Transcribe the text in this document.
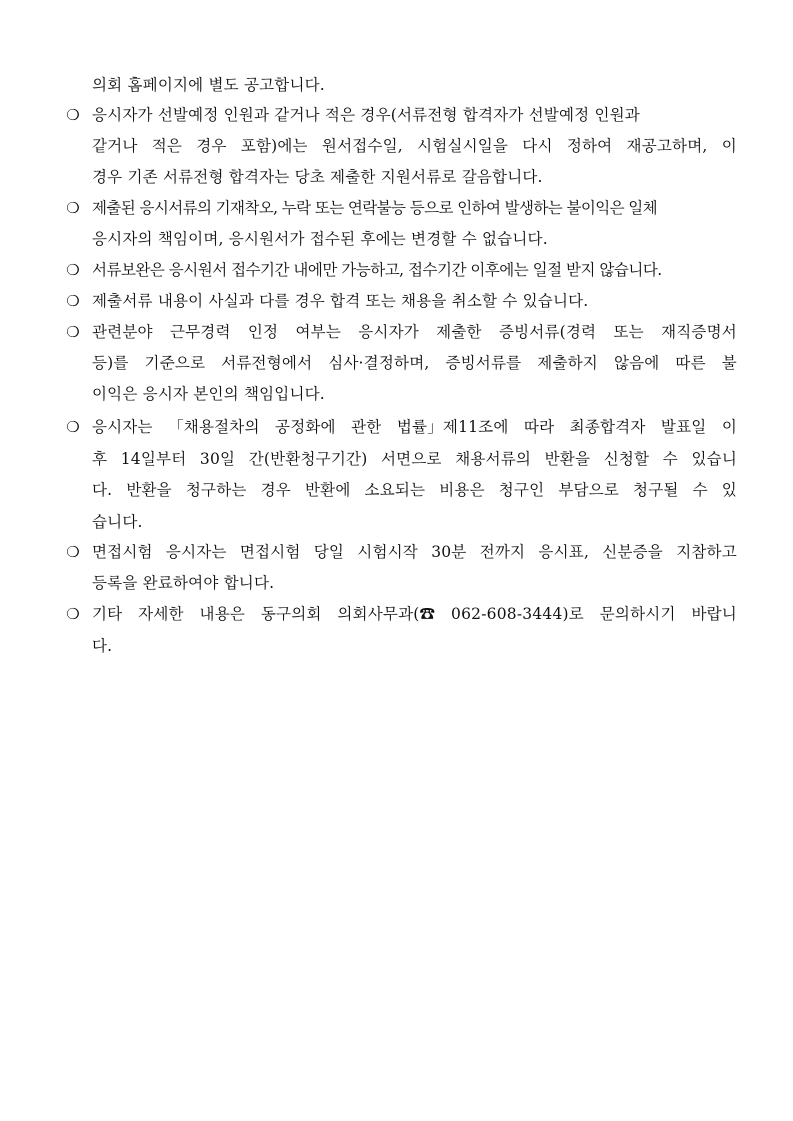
의회 홈페이지에 별도 공고합니다.
❍ 응시자가 선발예정 인원과 같거나 적은 경우(서류전형 합격자가 선발예정 인원과
같거나 적은 경우 포함)에는 원서접수일, 시험실시일을 다시 정하여 재공고하며, 이
경우 기존 서류전형 합격자는 당초 제출한 지원서류로 갈음합니다.
❍ 제출된 응시서류의 기재착오, 누락 또는 연락불능 등으로 인하여 발생하는 불이익은 일체
응시자의 책임이며, 응시원서가 접수된 후에는 변경할 수 없습니다.
❍ 서류보완은 응시원서 접수기간 내에만 가능하고, 접수기간 이후에는 일절 받지 않습니다.
❍ 제출서류 내용이 사실과 다를 경우 합격 또는 채용을 취소할 수 있습니다.
❍ 관련분야 근무경력 인정 여부는 응시자가 제출한 증빙서류(경력 또는 재직증명서
등)를 기준으로 서류전형에서 심사·결정하며, 증빙서류를 제출하지 않음에 따른 불
이익은 응시자 본인의 책임입니다.
❍ 응시자는 「채용절차의 공정화에 관한 법률」제11조에 따라 최종합격자 발표일 이
후 14일부터 30일 간(반환청구기간) 서면으로 채용서류의 반환을 신청할 수 있습니
다. 반환을 청구하는 경우 반환에 소요되는 비용은 청구인 부담으로 청구될 수 있
습니다.
❍ 면접시험 응시자는 면접시험 당일 시험시작 30분 전까지 응시표, 신분증을 지참하고
등록을 완료하여야 합니다.
❍ 기타 자세한 내용은 동구의회 의회사무과(☎ 062-608-3444)로 문의하시기 바랍니
다.
